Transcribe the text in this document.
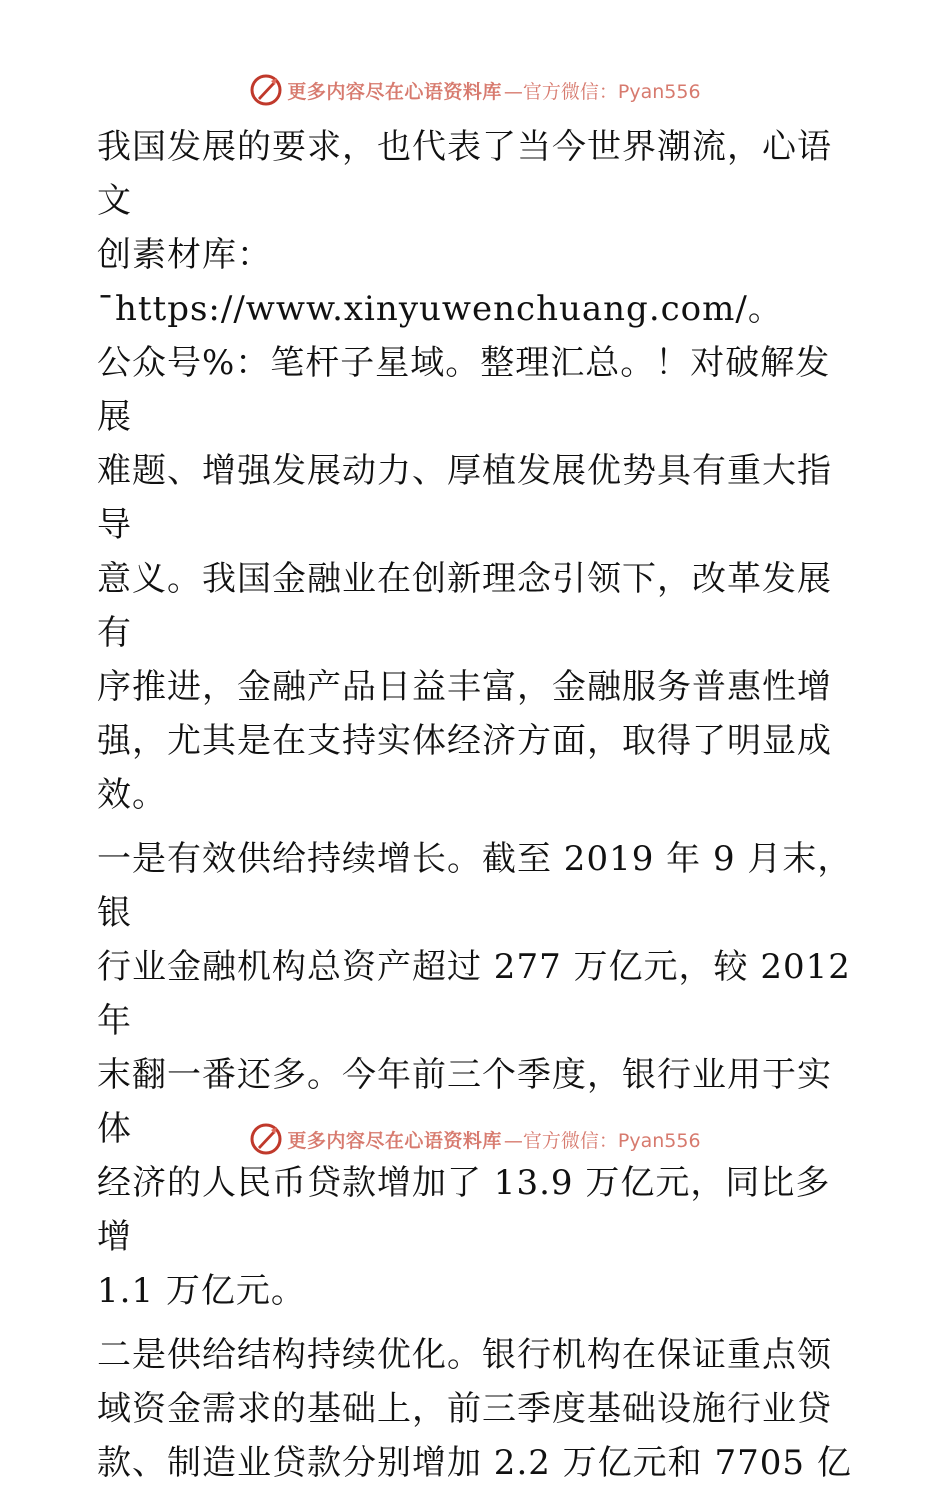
更多内容尽在心语资料库 —官方微信：Pyan556

我国发展的要求，也代表了当今世界潮流，心语文
创素材库：¯https://www.xinyuwenchuang.com/。
公众号%：笔杆子星域。整理汇总。！对破解发展
难题、增强发展动力、厚植发展优势具有重大指导
意义。我国金融业在创新理念引领下，改革发展有
序推进，金融产品日益丰富，金融服务普惠性增
强，尤其是在支持实体经济方面，取得了明显成
效。

一是有效供给持续增长。截至 2019 年 9 月末，银
行业金融机构总资产超过 277 万亿元，较 2012 年
末翻一番还多。今年前三个季度，银行业用于实体
经济的人民币贷款增加了 13.9 万亿元，同比多增
1.1 万亿元。

二是供给结构持续优化。银行机构在保证重点领
域资金需求的基础上，前三季度基础设施行业贷
款、制造业贷款分别增加 2.2 万亿元和 7705 亿

更多内容尽在心语资料库 —官方微信：Pyan556
